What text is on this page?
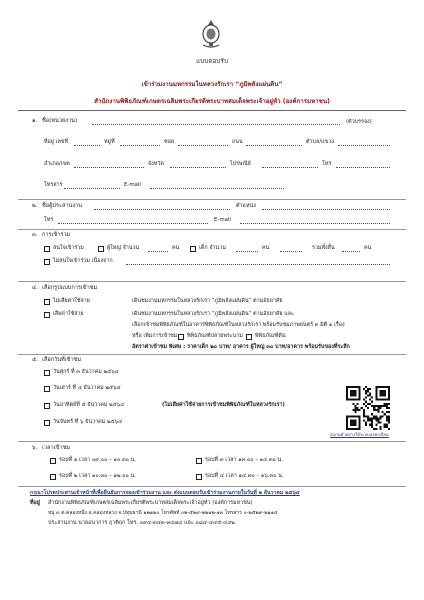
แบบตอบรับ
เข้าร่วมงานมหกรรมในหลวงรักเรา “ภูมิพลังแผ่นดิน”
สำนักงานพิพิธภัณฑ์เกษตรเฉลิมพระเกียรติพระบาทสมเด็จพระเจ้าอยู่หัว (องค์การมหาชน)
๑. ชื่อ(หน่วยงาน)	(ตัวบรรจง)
ที่อยู่ เลขที่	หมู่ที่	ซอย	ถนน	ตำบล/แขวง
อำเภอ/เขต	จังหวัด	ไปรษณีย์	โทร
โทรสาร	E-mail
๒. ชื่อผู้ประสานงาน	ตำแหน่ง
โทร	E-mail
๓. การเข้าร่วม
สนใจเข้าร่วม	ผู้ใหญ่ จำนวน	คน	เด็ก จำนวน	คน	รวมทั้งสิ้น	คน
ไม่สนใจเข้าร่วม เนื่องจาก
๔. เลือกรูปแบบการเข้าชม
ไม่เสียค่าใช้จ่าย	เดินชมงานมหกรรมในหลวงรักเรา “ภูมิพลังแผ่นดิน” ตามอัธยาศัย
เสียค่าใช้จ่าย	เดินชมงานมหกรรมในหลวงรักเรา “ภูมิพลังแผ่นดิน” ตามอัธยาศัย และ
เลือกเข้าชมพิพิธภัณฑ์ในอาคารพิพิธภัณฑ์ในหลวงรักเรา พร้อมรับชมภาพยนตร์ ๓ มิติ ๑ เรื่อง
หรือ เพิ่มการเข้าชม พิพิธภัณฑ์ปลายพระนาม พิพิธภัณฑ์ดิน
อัตราค่าเข้าชม พิเศษ : ราคาเด็ก ๒๐ บาท/ อาคาร ผู้ใหญ่ ๓๐ บาท/อาคาร พร้อมรับของที่ระลึก
๕. เลือกวันที่เข้าชม
วันศุกร์ ที่ ๓ ธันวาคม ๒๕๖๔
วันเสาร์ ที่ ๔ ธันวาคม ๒๕๖๔
วันอาทิตย์ที่ ๕ ธันวาคม ๒๕๖๔	(ไม่เสียค่าใช้จ่ายการเข้าชมพิพิธภัณฑ์ในหลวงรักเรา)
วันจันทร์ ที่ ๖ ธันวาคม ๒๕๖๔
สแกนตัวอย่างให้ระบบลงทะเบียน
๖. เวลาเข้าชม
รอบที่ ๑ เวลา ๐๙.๐๐ – ๑๐.๓๐ น.	รอบที่ ๓ เวลา ๑๓.๐๐ – ๑๔.๓๐ น.
รอบที่ ๒ เวลา ๑๐.๓๐ – ๑๒.๐๐ น.	รอบที่ ๔ เวลา ๑๔.๓๐ – ๑๖.๓๐ น.
กรุณาโปรดประสานเจ้าหน้าที่เพื่อยืนยันการจองเข้าร่วมงาน และ ส่งแบบตอบรับเข้าร่วมงานภายในวันที่ ๒ ธันวาคม ๒๕๖๔
ที่อยู่ สำนักงานพิพิธภัณฑ์เกษตรเฉลิมพระเกียรติพระบาทสมเด็จพระเจ้าอยู่หัว (องค์การมหาชน)
หมู่ ๓ ต.คลองหนึ่ง อ.คลองหลวง จ.ปทุมธานี ๑๒๑๒๐ โทรศัพท์ ๐๒-๕๒๙-๒๒๑๒-๑๓ โทรสาร ๐-๒๕๒๙-๒๑๑๔
ประสานงาน นายอนาการ ฤาติฤก โทร. ๐๙๔-๓๔๓-๓๔๗๔ และ ๐๘๔-๔๔๕-๔๔๒
